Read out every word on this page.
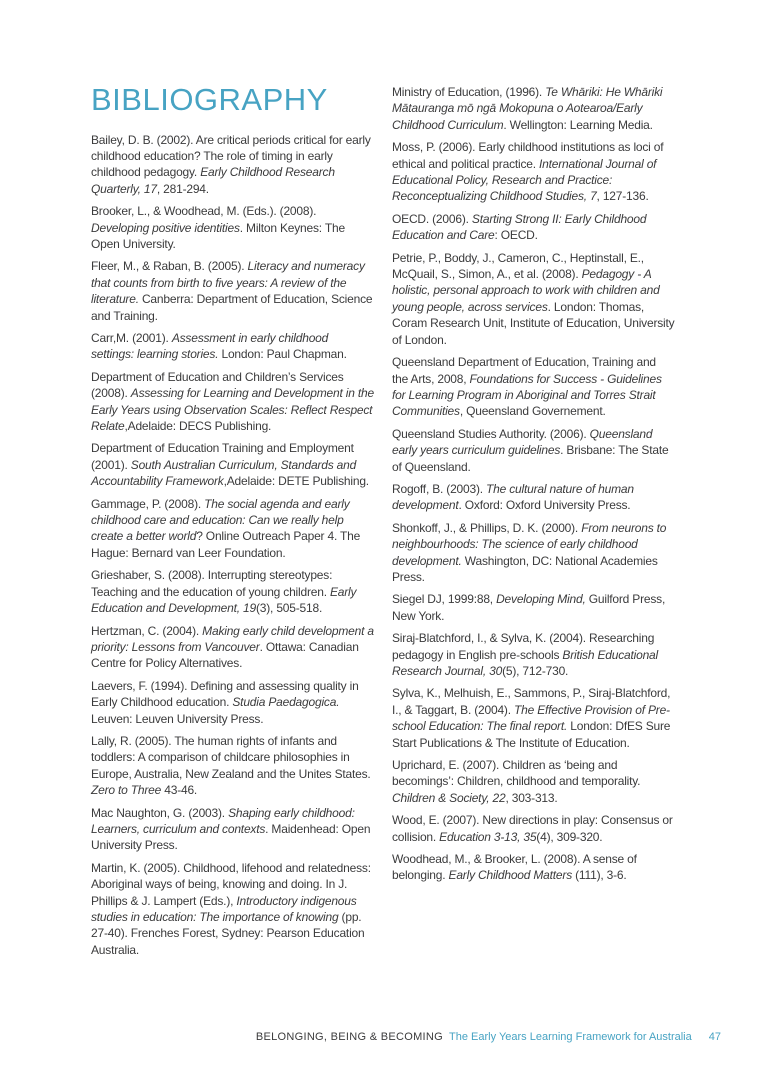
BIBLIOGRAPHY

Bailey, D. B. (2002). Are critical periods critical for early childhood education? The role of timing in early childhood pedagogy. Early Childhood Research Quarterly, 17, 281-294.

Brooker, L., & Woodhead, M. (Eds.). (2008). Developing positive identities. Milton Keynes: The Open University.

Fleer, M., & Raban, B. (2005). Literacy and numeracy that counts from birth to five years: A review of the literature. Canberra: Department of Education, Science and Training.

Carr,M. (2001). Assessment in early childhood settings: learning stories. London: Paul Chapman.

Department of Education and Children’s Services (2008). Assessing for Learning and Development in the Early Years using Observation Scales: Reflect Respect Relate,Adelaide: DECS Publishing.

Department of Education Training and Employment (2001). South Australian Curriculum, Standards and Accountability Framework,Adelaide: DETE Publishing.

Gammage, P. (2008). The social agenda and early childhood care and education: Can we really help create a better world? Online Outreach Paper 4. The Hague: Bernard van Leer Foundation.

Grieshaber, S. (2008). Interrupting stereotypes: Teaching and the education of young children. Early Education and Development, 19(3), 505-518.

Hertzman, C. (2004). Making early child development a priority: Lessons from Vancouver. Ottawa: Canadian Centre for Policy Alternatives.

Laevers, F. (1994). Defining and assessing quality in Early Childhood education. Studia Paedagogica. Leuven: Leuven University Press.

Lally, R. (2005). The human rights of infants and toddlers: A comparison of childcare philosophies in Europe, Australia, New Zealand and the Unites States. Zero to Three 43-46.

Mac Naughton, G. (2003). Shaping early childhood: Learners, curriculum and contexts. Maidenhead: Open University Press.

Martin, K. (2005). Childhood, lifehood and relatedness: Aboriginal ways of being, knowing and doing. In J. Phillips & J. Lampert (Eds.), Introductory indigenous studies in education: The importance of knowing (pp. 27-40). Frenches Forest, Sydney: Pearson Education Australia.

Ministry of Education, (1996). Te Whāriki: He Whāriki Mātauranga mō ngā Mokopuna o Aotearoa/Early Childhood Curriculum. Wellington: Learning Media.

Moss, P. (2006). Early childhood institutions as loci of ethical and political practice. International Journal of Educational Policy, Research and Practice: Reconceptualizing Childhood Studies, 7, 127-136.

OECD. (2006). Starting Strong II: Early Childhood Education and Care: OECD.

Petrie, P., Boddy, J., Cameron, C., Heptinstall, E., McQuail, S., Simon, A., et al. (2008). Pedagogy - A holistic, personal approach to work with children and young people, across services. London: Thomas, Coram Research Unit, Institute of Education, University of London.

Queensland Department of Education, Training and the Arts, 2008, Foundations for Success - Guidelines for Learning Program in Aboriginal and Torres Strait Communities, Queensland Governement.

Queensland Studies Authority. (2006). Queensland early years curriculum guidelines. Brisbane: The State of Queensland.

Rogoff, B. (2003). The cultural nature of human development. Oxford: Oxford University Press.

Shonkoff, J., & Phillips, D. K. (2000). From neurons to neighbourhoods: The science of early childhood development. Washington, DC: National Academies Press.

Siegel DJ, 1999:88, Developing Mind, Guilford Press, New York.

Siraj-Blatchford, I., & Sylva, K. (2004). Researching pedagogy in English pre-schools British Educational Research Journal, 30(5), 712-730.

Sylva, K., Melhuish, E., Sammons, P., Siraj-Blatchford, I., & Taggart, B. (2004). The Effective Provision of Pre-school Education: The final report. London: DfES Sure Start Publications & The Institute of Education.

Uprichard, E. (2007). Children as ‘being and becomings’: Children, childhood and temporality. Children & Society, 22, 303-313.

Wood, E. (2007). New directions in play: Consensus or collision. Education 3-13, 35(4), 309-320.

Woodhead, M., & Brooker, L. (2008). A sense of belonging. Early Childhood Matters (111), 3-6.

BELONGING, BEING & BECOMING The Early Years Learning Framework for Australia 47
